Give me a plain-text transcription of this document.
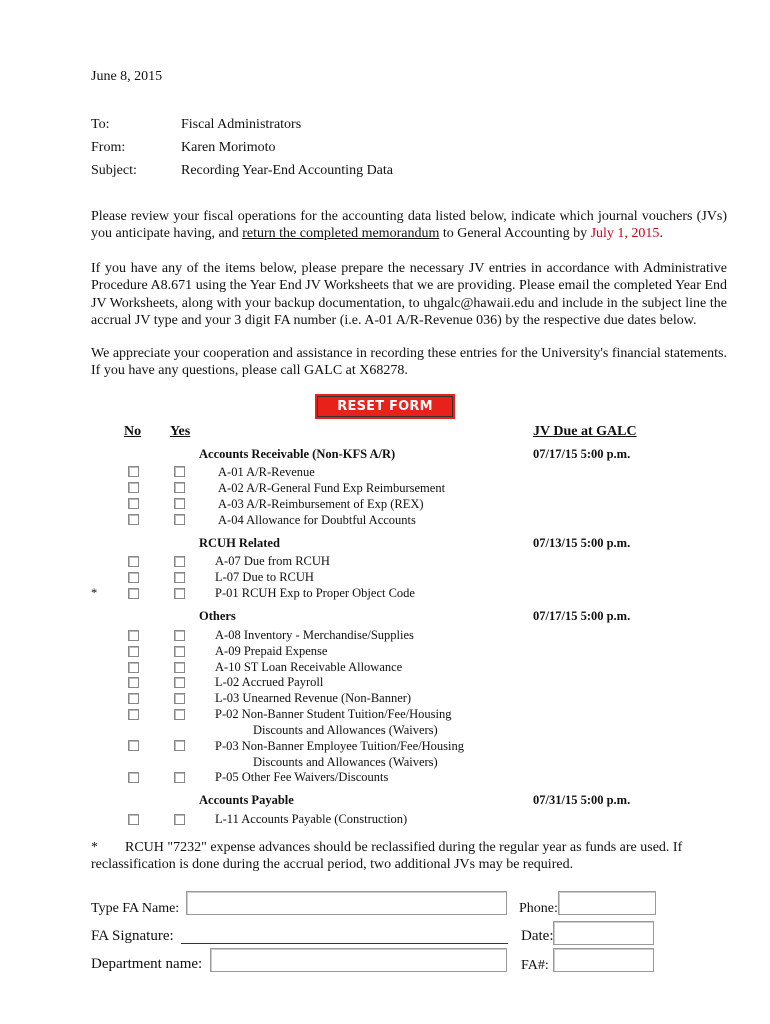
June 8, 2015
To:	Fiscal Administrators
From:	Karen Morimoto
Subject:	Recording Year-End Accounting Data
Please review your fiscal operations for the accounting data listed below, indicate which journal vouchers (JVs) you anticipate having, and return the completed memorandum to General Accounting by July 1, 2015.
If you have any of the items below, please prepare the necessary JV entries in accordance with Administrative Procedure A8.671 using the Year End JV Worksheets that we are providing. Please email the completed Year End JV Worksheets, along with your backup documentation, to uhgalc@hawaii.edu and include in the subject line the accrual JV type and your 3 digit FA number (i.e. A-01 A/R-Revenue 036) by the respective due dates below.
We appreciate your cooperation and assistance in recording these entries for the University's financial statements. If you have any questions, please call GALC at X68278.
RESET FORM
No Yes	JV Due at GALC
Accounts Receivable (Non-KFS A/R)	07/17/15 5:00 p.m.
A-01 A/R-Revenue
A-02 A/R-General Fund Exp Reimbursement
A-03 A/R-Reimbursement of Exp (REX)
A-04 Allowance for Doubtful Accounts
RCUH Related	07/13/15 5:00 p.m.
A-07 Due from RCUH
L-07 Due to RCUH
*	P-01 RCUH Exp to Proper Object Code
Others	07/17/15 5:00 p.m.
A-08 Inventory - Merchandise/Supplies
A-09 Prepaid Expense
A-10 ST Loan Receivable Allowance
L-02 Accrued Payroll
L-03 Unearned Revenue (Non-Banner)
P-02 Non-Banner Student Tuition/Fee/Housing
Discounts and Allowances (Waivers)
P-03 Non-Banner Employee Tuition/Fee/Housing
Discounts and Allowances (Waivers)
P-05 Other Fee Waivers/Discounts
Accounts Payable	07/31/15 5:00 p.m.
L-11 Accounts Payable (Construction)
*	RCUH "7232" expense advances should be reclassified during the regular year as funds are used. If reclassification is done during the accrual period, two additional JVs may be required.
Type FA Name:	Phone:
FA Signature:	Date:
Department name:	FA#:
